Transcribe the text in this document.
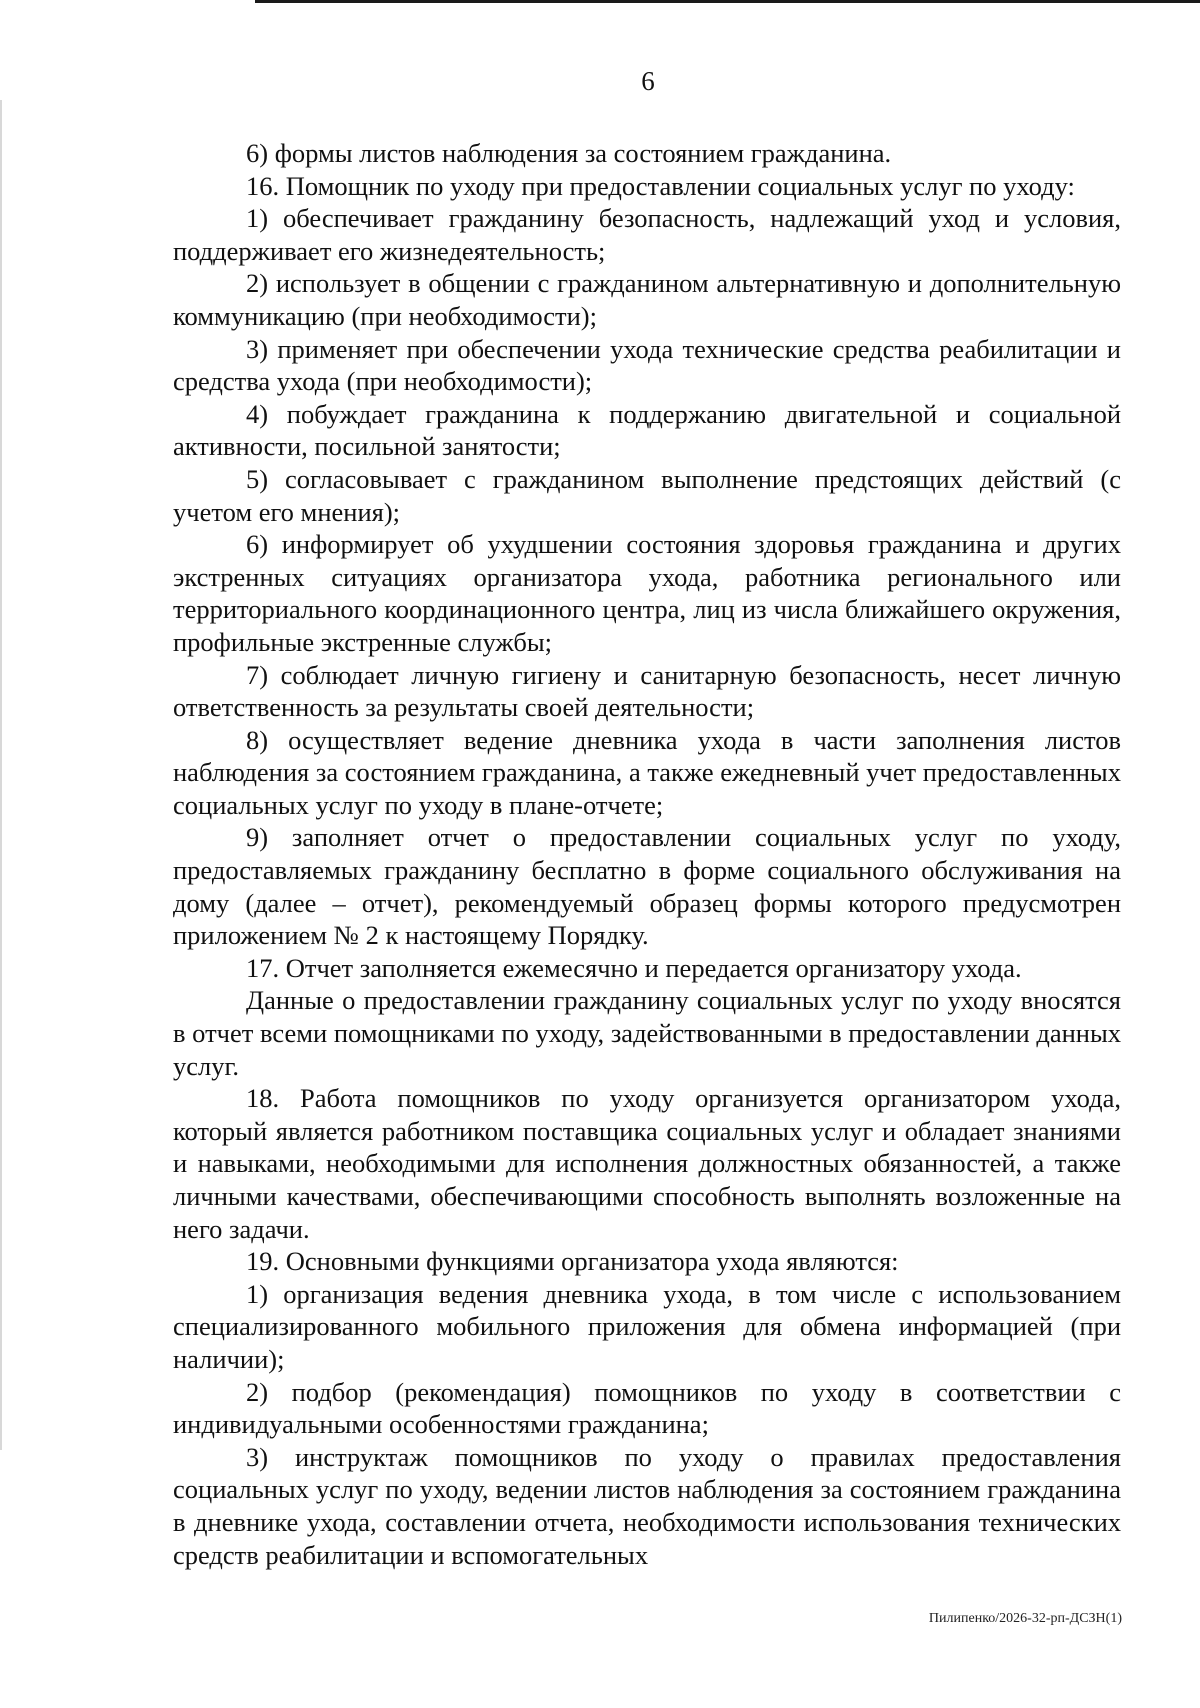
6

6) формы листов наблюдения за состоянием гражданина.

16. Помощник по уходу при предоставлении социальных услуг по уходу:

1) обеспечивает гражданину безопасность, надлежащий уход и условия, поддерживает его жизнедеятельность;

2) использует в общении с гражданином альтернативную и дополнительную коммуникацию (при необходимости);

3) применяет при обеспечении ухода технические средства реабилитации и средства ухода (при необходимости);

4) побуждает гражданина к поддержанию двигательной и социальной активности, посильной занятости;

5) согласовывает с гражданином выполнение предстоящих действий (с учетом его мнения);

6) информирует об ухудшении состояния здоровья гражданина и других экстренных ситуациях организатора ухода, работника регионального или территориального координационного центра, лиц из числа ближайшего окружения, профильные экстренные службы;

7) соблюдает личную гигиену и санитарную безопасность, несет личную ответственность за результаты своей деятельности;

8) осуществляет ведение дневника ухода в части заполнения листов наблюдения за состоянием гражданина, а также ежедневный учет предоставленных социальных услуг по уходу в плане-отчете;

9) заполняет отчет о предоставлении социальных услуг по уходу, предоставляемых гражданину бесплатно в форме социального обслуживания на дому (далее – отчет), рекомендуемый образец формы которого предусмотрен приложением № 2 к настоящему Порядку.

17. Отчет заполняется ежемесячно и передается организатору ухода.

Данные о предоставлении гражданину социальных услуг по уходу вносятся в отчет всеми помощниками по уходу, задействованными в предоставлении данных услуг.

18. Работа помощников по уходу организуется организатором ухода, который является работником поставщика социальных услуг и обладает знаниями и навыками, необходимыми для исполнения должностных обязанностей, а также личными качествами, обеспечивающими способность выполнять возложенные на него задачи.

19. Основными функциями организатора ухода являются:

1) организация ведения дневника ухода, в том числе с использованием специализированного мобильного приложения для обмена информацией (при наличии);

2) подбор (рекомендация) помощников по уходу в соответствии с индивидуальными особенностями гражданина;

3) инструктаж помощников по уходу о правилах предоставления социальных услуг по уходу, ведении листов наблюдения за состоянием гражданина в дневнике ухода, составлении отчета, необходимости использования технических средств реабилитации и вспомогательных

Пилипенко/2026-32-рп-ДСЗН(1)
